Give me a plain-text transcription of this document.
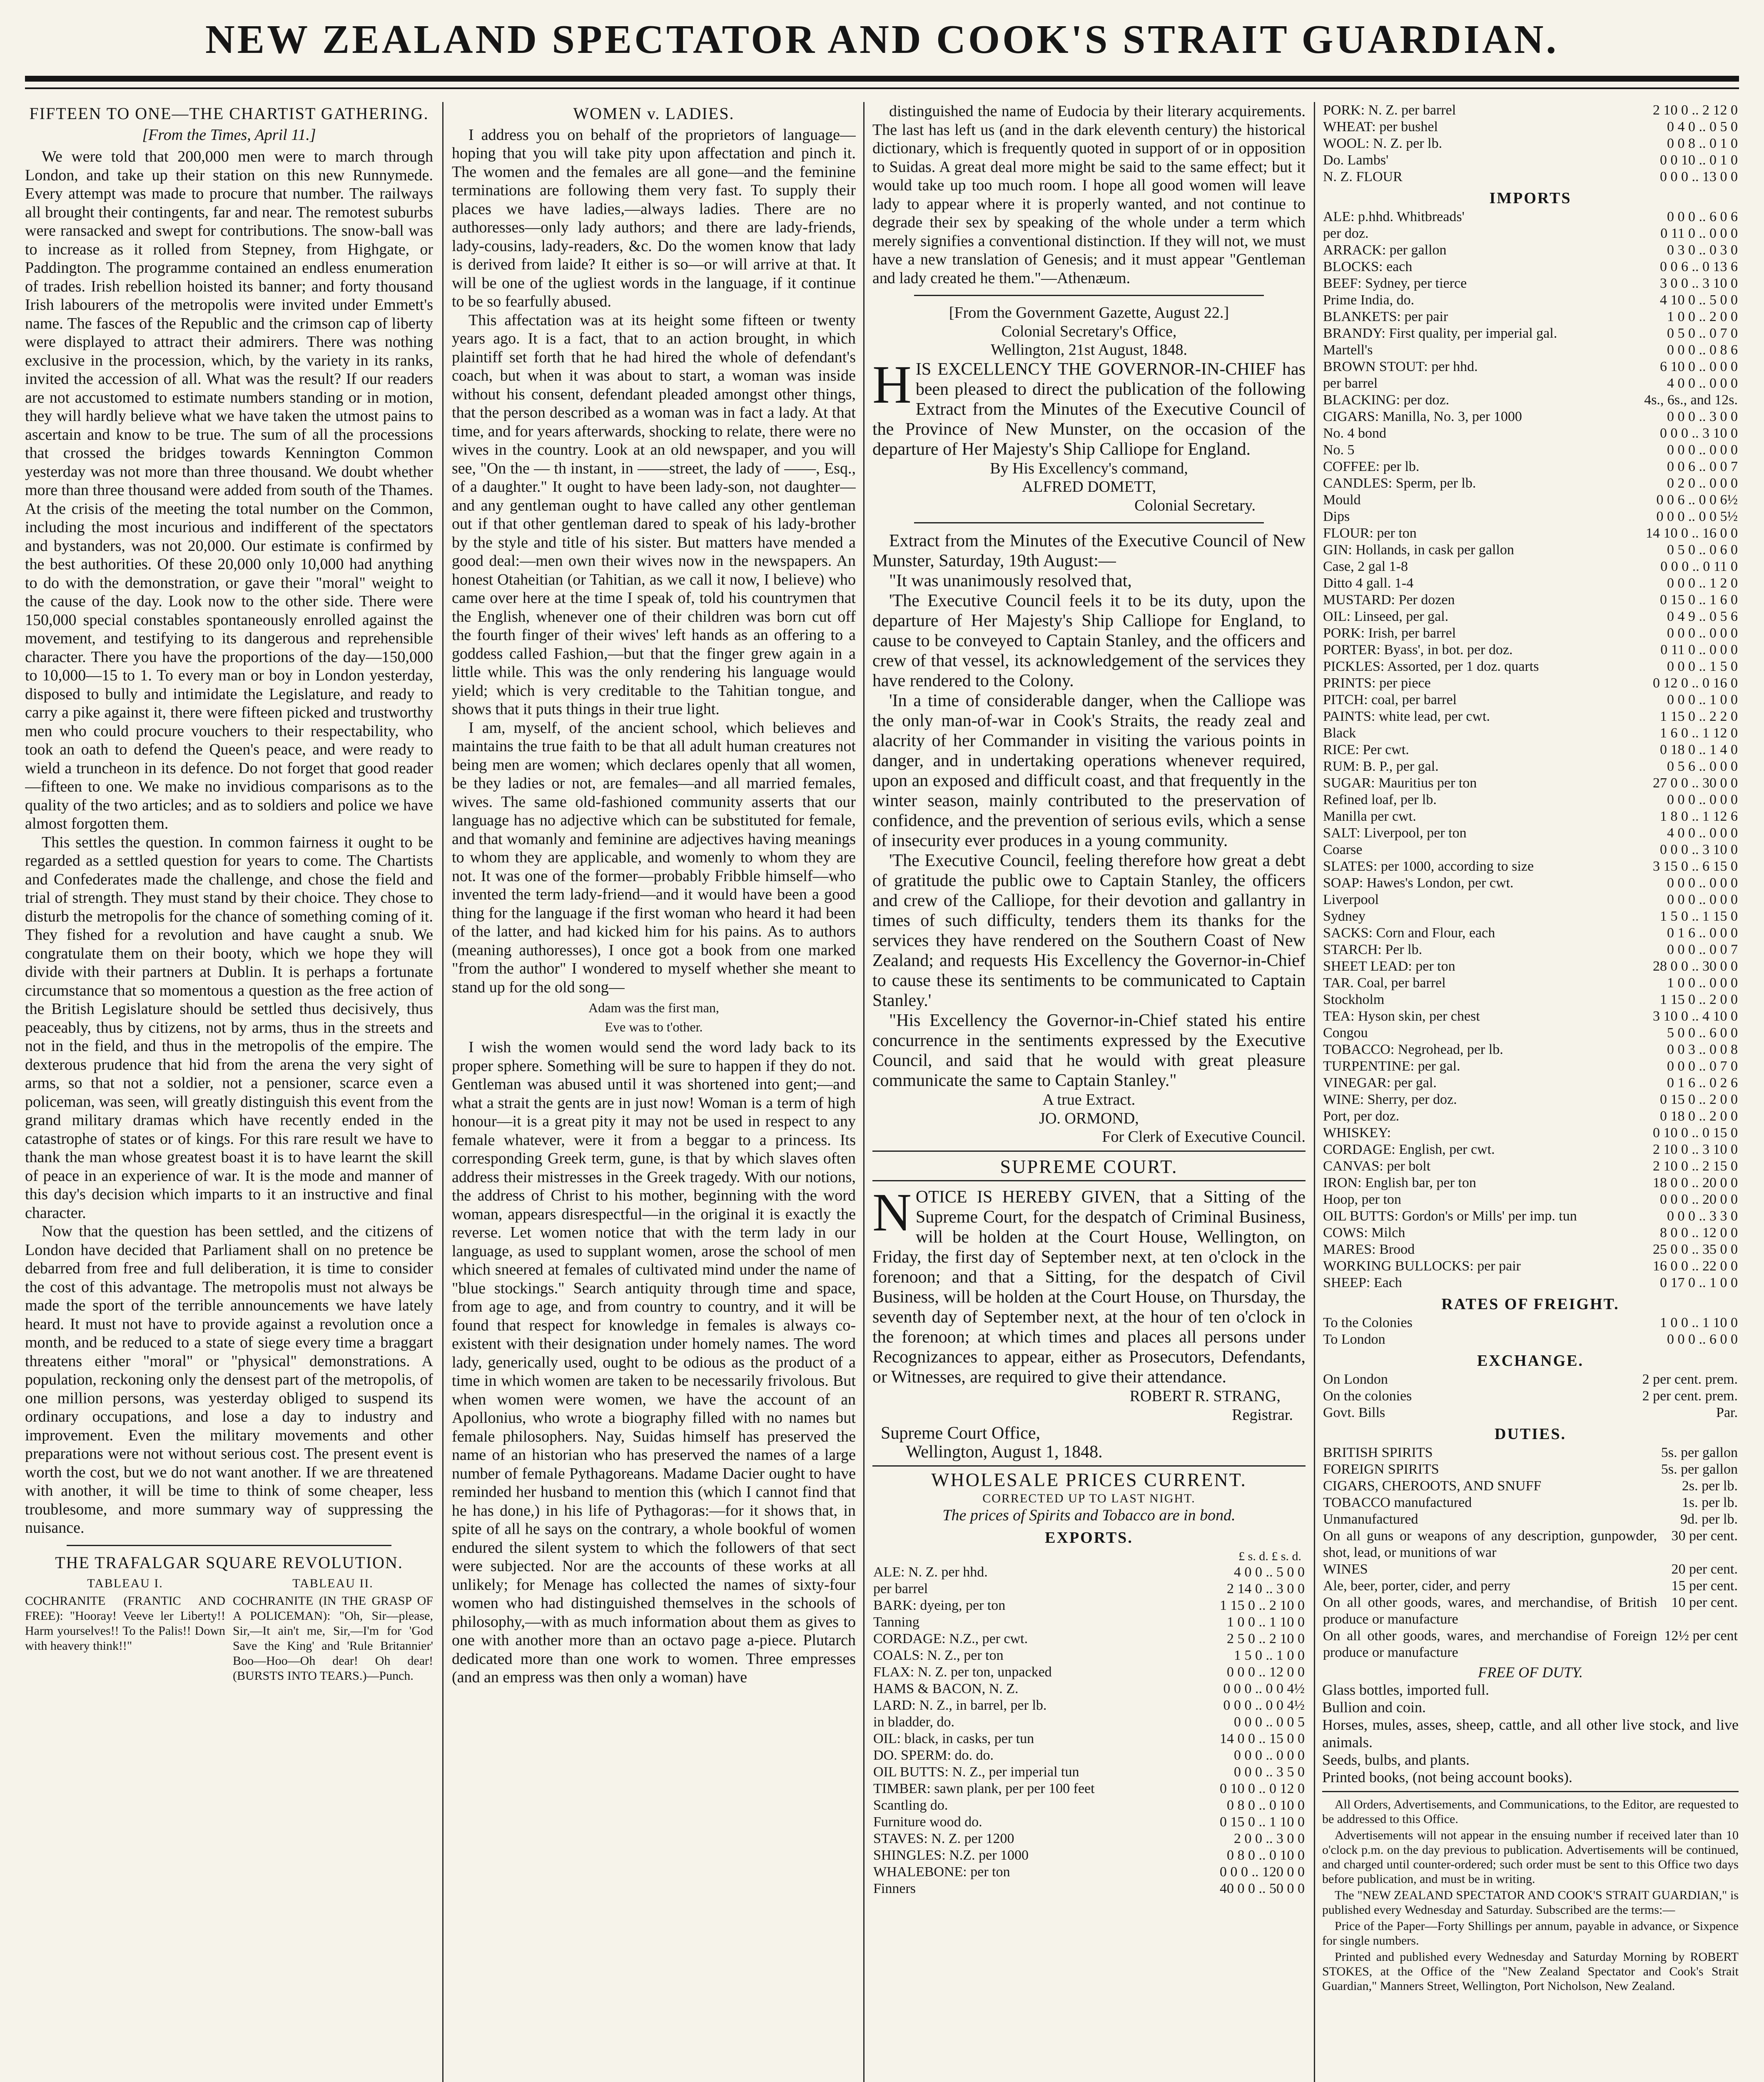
NEW ZEALAND SPECTATOR AND COOK'S STRAIT GUARDIAN.
FIFTEEN TO ONE—THE CHARTIST GATHERING.
[From the Times, April 11.]

We were told that 200,000 men were to march through London, and take up their station on this new Runnymede. Every attempt was made to procure that number. The railways all brought their contingents, far and near. The remotest suburbs were ransacked and swept for contributions. The snow-ball was to increase as it rolled from Stepney, from Highgate, or Paddington. The programme contained an endless enumeration of trades. Irish rebellion hoisted its banner; and forty thousand Irish labourers of the metropolis were invited under Emmett's name. The fasces of the Republic and the crimson cap of liberty were displayed to attract their admirers. There was nothing exclusive in the procession, which, by the variety in its ranks, invited the accession of all. What was the result? If our readers are not accustomed to estimate numbers standing or in motion, they will hardly believe what we have taken the utmost pains to ascertain and know to be true. The sum of all the processions that crossed the bridges towards Kennington Common yesterday was not more than three thousand. We doubt whether more than three thousand were added from south of the Thames. At the crisis of the meeting the total number on the Common, including the most incurious and indifferent of the spectators and bystanders, was not 20,000. Our estimate is confirmed by the best authorities. Of these 20,000 only 10,000 had anything to do with the demonstration, or gave their "moral" weight to the cause of the day. Look now to the other side. There were 150,000 special constables spontaneously enrolled against the movement, and testifying to its dangerous and reprehensible character. There you have the proportions of the day—150,000 to 10,000—15 to 1. To every man or boy in London yesterday, disposed to bully and intimidate the Legislature, and ready to carry a pike against it, there were fifteen picked and trustworthy men who could procure vouchers to their respectability, who took an oath to defend the Queen's peace, and were ready to wield a truncheon in its defence. Do not forget that good reader—fifteen to one. We make no invidious comparisons as to the quality of the two articles; and as to soldiers and police we have almost forgotten them.

This settles the question. In common fairness it ought to be regarded as a settled question for years to come. The Chartists and Confederates made the challenge, and chose the field and trial of strength. They must stand by their choice. They chose to disturb the metropolis for the chance of something coming of it. They fished for a revolution and have caught a snub. We congratulate them on their booty, which we hope they will divide with their partners at Dublin. It is perhaps a fortunate circumstance that so momentous a question as the free action of the British Legislature should be settled thus decisively, thus peaceably, thus by citizens, not by arms, thus in the streets and not in the field, and thus in the metropolis of the empire. The dexterous prudence that hid from the arena the very sight of arms, so that not a soldier, not a pensioner, scarce even a policeman, was seen, will greatly distinguish this event from the grand military dramas which have recently ended in the catastrophe of states or of kings. For this rare result we have to thank the man whose greatest boast it is to have learnt the skill of peace in an experience of war. It is the mode and manner of this day's decision which imparts to it an instructive and final character.

Now that the question has been settled, and the citizens of London have decided that Parliament shall on no pretence be debarred from free and full deliberation, it is time to consider the cost of this advantage. The metropolis must not always be made the sport of the terrible announcements we have lately heard. It must not have to provide against a revolution once a month, and be reduced to a state of siege every time a braggart threatens either "moral" or "physical" demonstrations. A population, reckoning only the densest part of the metropolis, of one million persons, was yesterday obliged to suspend its ordinary occupations, and lose a day to industry and improvement. Even the military movements and other preparations were not without serious cost. The present event is worth the cost, but we do not want another. If we are threatened with another, it will be time to think of some cheaper, less troublesome, and more summary way of suppressing the nuisance.

THE TRAFALGAR SQUARE REVOLUTION.
TABLEAU I.
COCHRANITE (FRANTIC AND FREE): "Hooray! Veeve ler Liberty!! Harm yourselves!! To the Palis!! Down with heavery think!!"
TABLEAU II.
COCHRANITE (IN THE GRASP OF A POLICEMAN): "Oh, Sir—please, Sir,—It ain't me, Sir,—I'm for 'God Save the King' and 'Rule Britannier' Boo—Hoo—Oh dear! Oh dear! (BURSTS INTO TEARS.)—Punch.
WOMEN v. LADIES.

I address you on behalf of the proprietors of language—hoping that you will take pity upon affectation and pinch it. The women and the females are all gone—and the feminine terminations are following them very fast. To supply their places we have ladies,—always ladies. There are no authoresses—only lady authors; and there are lady-friends, lady-cousins, lady-readers, &c. Do the women know that lady is derived from laide? It either is so—or will arrive at that. It will be one of the ugliest words in the language, if it continue to be so fearfully abused.

This affectation was at its height some fifteen or twenty years ago. It is a fact, that to an action brought, in which plaintiff set forth that he had hired the whole of defendant's coach, but when it was about to start, a woman was inside without his consent, defendant pleaded amongst other things, that the person described as a woman was in fact a lady. At that time, and for years afterwards, shocking to relate, there were no wives in the country. Look at an old newspaper, and you will see, "On the — th instant, in ——street, the lady of ——, Esq., of a daughter." It ought to have been lady-son, not daughter—and any gentleman ought to have called any other gentleman out if that other gentleman dared to speak of his lady-brother by the style and title of his sister. But matters have mended a good deal:—men own their wives now in the newspapers. An honest Otaheitian (or Tahitian, as we call it now, I believe) who came over here at the time I speak of, told his countrymen that the English, whenever one of their children was born cut off the fourth finger of their wives' left hands as an offering to a goddess called Fashion,—but that the finger grew again in a little while. This was the only rendering his language would yield; which is very creditable to the Tahitian tongue, and shows that it puts things in their true light.

I am, myself, of the ancient school, which believes and maintains the true faith to be that all adult human creatures not being men are women; which declares openly that all women, be they ladies or not, are females—and all married females, wives. The same old-fashioned community asserts that our language has no adjective which can be substituted for female, and that womanly and feminine are adjectives having meanings to whom they are applicable, and womenly to whom they are not. It was one of the former—probably Fribble himself—who invented the term lady-friend—and it would have been a good thing for the language if the first woman who heard it had been of the latter, and had kicked him for his pains. As to authors (meaning authoresses), I once got a book from one marked "from the author" I wondered to myself whether she meant to stand up for the old song—

Adam was the first man,
Eve was to t'other.

I wish the women would send the word lady back to its proper sphere. Something will be sure to happen if they do not. Gentleman was abused until it was shortened into gent;—and what a strait the gents are in just now! Woman is a term of high honour—it is a great pity it may not be used in respect to any female whatever, were it from a beggar to a princess. Its corresponding Greek term, gune, is that by which slaves often address their mistresses in the Greek tragedy. With our notions, the address of Christ to his mother, beginning with the word woman, appears disrespectful—in the original it is exactly the reverse. Let women notice that with the term lady in our language, as used to supplant women, arose the school of men which sneered at females of cultivated mind under the name of "blue stockings." Search antiquity through time and space, from age to age, and from country to country, and it will be found that respect for knowledge in females is always co-existent with their designation under homely names. The word lady, generically used, ought to be odious as the product of a time in which women are taken to be necessarily frivolous. But when women were women, we have the account of an Apollonius, who wrote a biography filled with no names but female philosophers. Nay, Suidas himself has preserved the name of an historian who has preserved the names of a large number of female Pythagoreans. Madame Dacier ought to have reminded her husband to mention this (which I cannot find that he has done,) in his life of Pythagoras:—for it shows that, in spite of all he says on the contrary, a whole bookful of women endured the silent system to which the followers of that sect were subjected. Nor are the accounts of these works at all unlikely; for Menage has collected the names of sixty-four women who had distinguished themselves in the schools of philosophy,—with as much information about them as gives to one with another more than an octavo page a-piece. Plutarch dedicated more than one work to women. Three empresses (and an empress was then only a woman) have

distinguished the name of Eudocia by their literary acquirements. The last has left us (and in the dark eleventh century) the historical dictionary, which is frequently quoted in support of or in opposition to Suidas. A great deal more might be said to the same effect; but it would take up too much room. I hope all good women will leave lady to appear where it is properly wanted, and not continue to degrade their sex by speaking of the whole under a term which merely signifies a conventional distinction. If they will not, we must have a new translation of Genesis; and it must appear "Gentleman and lady created he them."—Athenæum.

[From the Government Gazette, August 22.]
Colonial Secretary's Office,
Wellington, 21st August, 1848.
H IS EXCELLENCY THE GOVERNOR-IN-CHIEF has been pleased to direct the publication of the following Extract from the Minutes of the Executive Council of the Province of New Munster, on the occasion of the departure of Her Majesty's Ship Calliope for England.
By His Excellency's command,
ALFRED DOMETT,
Colonial Secretary.
Extract from the Minutes of the Executive Council of New Munster, Saturday, 19th August:—

"It was unanimously resolved that,

'The Executive Council feels it to be its duty, upon the departure of Her Majesty's Ship Calliope for England, to cause to be conveyed to Captain Stanley, and the officers and crew of that vessel, its acknowledgement of the services they have rendered to the Colony.

'In a time of considerable danger, when the Calliope was the only man-of-war in Cook's Straits, the ready zeal and alacrity of her Commander in visiting the various points in danger, and in undertaking operations whenever required, upon an exposed and difficult coast, and that frequently in the winter season, mainly contributed to the preservation of confidence, and the prevention of serious evils, which a sense of insecurity ever produces in a young community.

'The Executive Council, feeling therefore how great a debt of gratitude the public owe to Captain Stanley, the officers and crew of the Calliope, for their devotion and gallantry in times of such difficulty, tenders them its thanks for the services they have rendered on the Southern Coast of New Zealand; and requests His Excellency the Governor-in-Chief to cause these its sentiments to be communicated to Captain Stanley.'

"His Excellency the Governor-in-Chief stated his entire concurrence in the sentiments expressed by the Executive Council, and said that he would with great pleasure communicate the same to Captain Stanley."

A true Extract.
JO. ORMOND,
For Clerk of Executive Council.
SUPREME COURT.
N OTICE IS HEREBY GIVEN, that a Sitting of the Supreme Court, for the despatch of Criminal Business, will be holden at the Court House, Wellington, on Friday, the first day of September next, at ten o'clock in the forenoon; and that a Sitting, for the despatch of Civil Business, will be holden at the Court House, on Thursday, the seventh day of September next, at the hour of ten o'clock in the forenoon; at which times and places all persons under Recognizances to appear, either as Prosecutors, Defendants, or Witnesses, are required to give their attendance.
ROBERT R. STRANG,
Registrar.
Supreme Court Office,
Wellington, August 1, 1848.
WHOLESALE PRICES CURRENT.
CORRECTED UP TO LAST NIGHT.
The prices of Spirits and Tobacco are in bond.
EXPORTS.
£ s. d. £ s. d.
ALE: N. Z. per hhd.	4 0 0 .. 5 0 0
per barrel	2 14 0 .. 3 0 0
BARK: dyeing, per ton	1 15 0 .. 2 10 0
Tanning	1 0 0 .. 1 10 0
CORDAGE: N.Z., per cwt.	2 5 0 .. 2 10 0
COALS: N. Z., per ton	1 5 0 .. 1 0 0
FLAX: N. Z. per ton, unpacked	0 0 0 .. 12 0 0
HAMS & BACON, N. Z.	0 0 0 .. 0 0 4½
LARD: N. Z., in barrel, per lb.	0 0 0 .. 0 0 4½
in bladder, do.	0 0 0 .. 0 0 5
OIL: black, in casks, per tun	14 0 0 .. 15 0 0
DO. SPERM: do. do.	0 0 0 .. 0 0 0
OIL BUTTS: N. Z., per imperial tun	0 0 0 .. 3 5 0
TIMBER: sawn plank, per per 100 feet	0 10 0 .. 0 12 0
Scantling do.	0 8 0 .. 0 10 0
Furniture wood do.	0 15 0 .. 1 10 0
STAVES: N. Z. per 1200	2 0 0 .. 3 0 0
SHINGLES: N.Z. per 1000	0 8 0 .. 0 10 0
WHALEBONE: per ton	0 0 0 .. 120 0 0
Finners	40 0 0 .. 50 0 0
PORK: N. Z. per barrel	2 10 0 .. 2 12 0
WHEAT: per bushel	0 4 0 .. 0 5 0
WOOL: N. Z. per lb.	0 0 8 .. 0 1 0
Do. Lambs'	0 0 10 .. 0 1 0
N. Z. FLOUR	0 0 0 .. 13 0 0
IMPORTS
ALE: p.hhd. Whitbreads'	0 0 0 .. 6 0 6
per doz.	0 11 0 .. 0 0 0
ARRACK: per gallon	0 3 0 .. 0 3 0
BLOCKS: each	0 0 6 .. 0 13 6
BEEF: Sydney, per tierce	3 0 0 .. 3 10 0
Prime India, do.	4 10 0 .. 5 0 0
BLANKETS: per pair	1 0 0 .. 2 0 0
BRANDY: First quality, per imperial gal.	0 5 0 .. 0 7 0
Martell's	0 0 0 .. 0 8 6
BROWN STOUT: per hhd.	6 10 0 .. 0 0 0
per barrel	4 0 0 .. 0 0 0
BLACKING: per doz.	4s., 6s., and 12s.
CIGARS: Manilla, No. 3, per 1000	0 0 0 .. 3 0 0
No. 4 bond	0 0 0 .. 3 10 0
No. 5	0 0 0 .. 0 0 0
COFFEE: per lb.	0 0 6 .. 0 0 7
CANDLES: Sperm, per lb.	0 2 0 .. 0 0 0
Mould	0 0 6 .. 0 0 6½
Dips	0 0 0 .. 0 0 5½
FLOUR: per ton	14 10 0 .. 16 0 0
GIN: Hollands, in cask per gallon	0 5 0 .. 0 6 0
Case, 2 gal 1-8	0 0 0 .. 0 11 0
Ditto 4 gall. 1-4	0 0 0 .. 1 2 0
MUSTARD: Per dozen	0 15 0 .. 1 6 0
OIL: Linseed, per gal.	0 4 9 .. 0 5 6
PORK: Irish, per barrel	0 0 0 .. 0 0 0
PORTER: Byass', in bot. per doz.	0 11 0 .. 0 0 0
PICKLES: Assorted, per 1 doz. quarts	0 0 0 .. 1 5 0
PRINTS: per piece	0 12 0 .. 0 16 0
PITCH: coal, per barrel	0 0 0 .. 1 0 0
PAINTS: white lead, per cwt.	1 15 0 .. 2 2 0
Black	1 6 0 .. 1 12 0
RICE: Per cwt.	0 18 0 .. 1 4 0
RUM: B. P., per gal.	0 5 6 .. 0 0 0
SUGAR: Mauritius per ton	27 0 0 .. 30 0 0
Refined loaf, per lb.	0 0 0 .. 0 0 0
Manilla per cwt.	1 8 0 .. 1 12 6
SALT: Liverpool, per ton	4 0 0 .. 0 0 0
Coarse	0 0 0 .. 3 10 0
SLATES: per 1000, according to size	3 15 0 .. 6 15 0
SOAP: Hawes's London, per cwt.	0 0 0 .. 0 0 0
Liverpool	0 0 0 .. 0 0 0
Sydney	1 5 0 .. 1 15 0
SACKS: Corn and Flour, each	0 1 6 .. 0 0 0
STARCH: Per lb.	0 0 0 .. 0 0 7
SHEET LEAD: per ton	28 0 0 .. 30 0 0
TAR. Coal, per barrel	1 0 0 .. 0 0 0
Stockholm	1 15 0 .. 2 0 0
TEA: Hyson skin, per chest	3 10 0 .. 4 10 0
Congou	5 0 0 .. 6 0 0
TOBACCO: Negrohead, per lb.	0 0 3 .. 0 0 8
TURPENTINE: per gal.	0 0 0 .. 0 7 0
VINEGAR: per gal.	0 1 6 .. 0 2 6
WINE: Sherry, per doz.	0 15 0 .. 2 0 0
Port, per doz.	0 18 0 .. 2 0 0
WHISKEY:	0 10 0 .. 0 15 0
CORDAGE: English, per cwt.	2 10 0 .. 3 10 0
CANVAS: per bolt	2 10 0 .. 2 15 0
IRON: English bar, per ton	18 0 0 .. 20 0 0
Hoop, per ton	0 0 0 .. 20 0 0
OIL BUTTS: Gordon's or Mills' per imp. tun	0 0 0 .. 3 3 0
COWS: Milch	8 0 0 .. 12 0 0
MARES: Brood	25 0 0 .. 35 0 0
WORKING BULLOCKS: per pair	16 0 0 .. 22 0 0
SHEEP: Each	0 17 0 .. 1 0 0
RATES OF FREIGHT.
To the Colonies	1 0 0 .. 1 10 0
To London	0 0 0 .. 6 0 0
EXCHANGE.
On London	2 per cent. prem.
On the colonies	2 per cent. prem.
Govt. Bills	Par.
DUTIES.
BRITISH SPIRITS	5s. per gallon
FOREIGN SPIRITS	5s. per gallon
CIGARS, CHEROOTS, AND SNUFF	2s. per lb.
TOBACCO manufactured	1s. per lb.
Unmanufactured	9d. per lb.
On all guns or weapons of any description, gunpowder, shot, lead, or munitions of war	30 per cent.
WINES	20 per cent.
Ale, beer, porter, cider, and perry	15 per cent.
On all other goods, wares, and merchandise, of British produce or manufacture	10 per cent.
On all other goods, wares, and merchandise of Foreign produce or manufacture	12½ per cent
FREE OF DUTY.
Glass bottles, imported full.
Bullion and coin.
Horses, mules, asses, sheep, cattle, and all other live stock, and live animals.
Seeds, bulbs, and plants.
Printed books, (not being account books).

All Orders, Advertisements, and Communications, to the Editor, are requested to be addressed to this Office.

Advertisements will not appear in the ensuing number if received later than 10 o'clock p.m. on the day previous to publication. Advertisements will be continued, and charged until counter-ordered; such order must be sent to this Office two days before publication, and must be in writing.

The "NEW ZEALAND SPECTATOR AND COOK'S STRAIT GUARDIAN," is published every Wednesday and Saturday. Subscribed are the terms:—

Price of the Paper—Forty Shillings per annum, payable in advance, or Sixpence for single numbers.

Printed and published every Wednesday and Saturday Morning by ROBERT STOKES, at the Office of the "New Zealand Spectator and Cook's Strait Guardian," Manners Street, Wellington, Port Nicholson, New Zealand.
